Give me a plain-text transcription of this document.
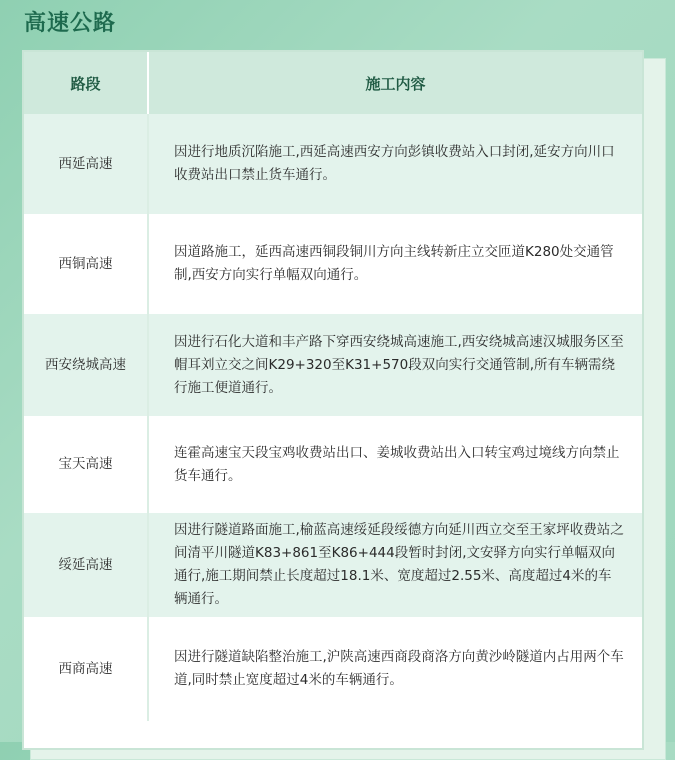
高速公路
路段	施工内容
西延高速	因进行地质沉陷施工,西延高速西安方向彭镇收费站入口封闭,延安方向川口收费站出口禁止货车通行。
西铜高速	因道路施工，延西高速西铜段铜川方向主线转新庄立交匝道K280处交通管制,西安方向实行单幅双向通行。
西安绕城高速	因进行石化大道和丰产路下穿西安绕城高速施工,西安绕城高速汉城服务区至帽耳刘立交之间K29+320至K31+570段双向实行交通管制,所有车辆需绕行施工便道通行。
宝天高速	连霍高速宝天段宝鸡收费站出口、姜城收费站出入口转宝鸡过境线方向禁止货车通行。
绥延高速	因进行隧道路面施工,榆蓝高速绥延段绥德方向延川西立交至王家坪收费站之间清平川隧道K83+861至K86+444段暂时封闭,文安驿方向实行单幅双向通行,施工期间禁止长度超过18.1米、宽度超过2.55米、高度超过4米的车辆通行。
西商高速	因进行隧道缺陷整治施工,沪陕高速西商段商洛方向黄沙岭隧道内占用两个车道,同时禁止宽度超过4米的车辆通行。
